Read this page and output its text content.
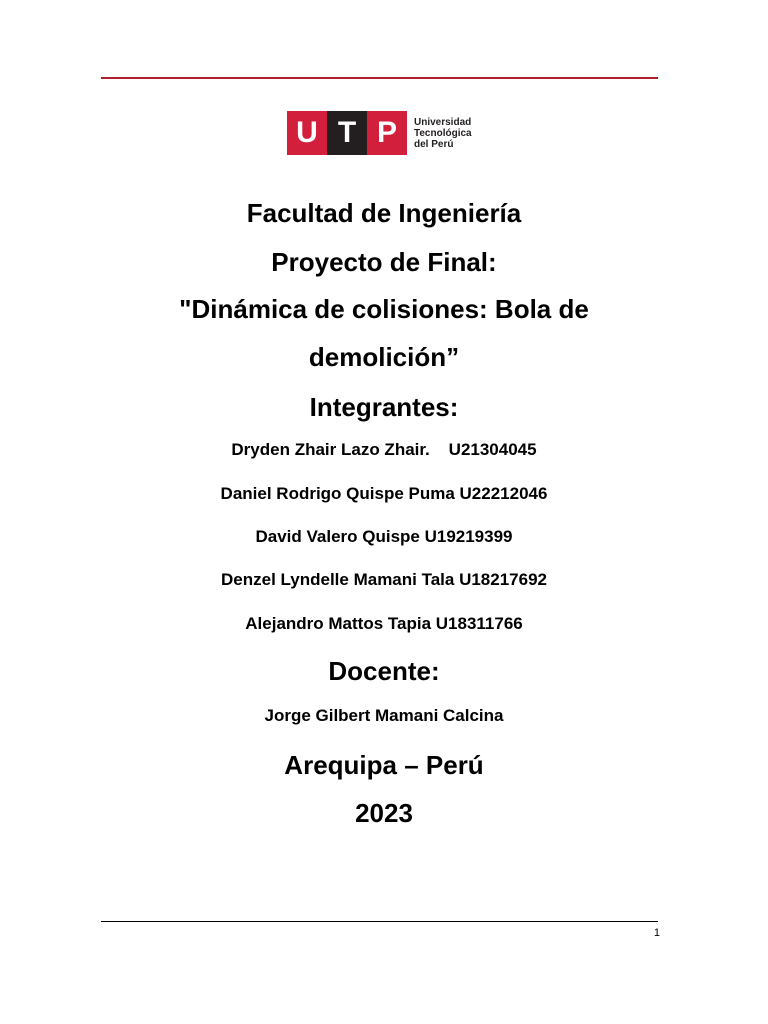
U T P	Universidad
Tecnológica
del Perú
Facultad de Ingeniería
Proyecto de Final:
"Dinámica de colisiones: Bola de
demolición”
Integrantes:
Dryden Zhair Lazo Zhair.    U21304045
Daniel Rodrigo Quispe Puma U22212046
David Valero Quispe U19219399
Denzel Lyndelle Mamani Tala U18217692
Alejandro Mattos Tapia U18311766
Docente:
Jorge Gilbert Mamani Calcina
Arequipa – Perú
2023
1
